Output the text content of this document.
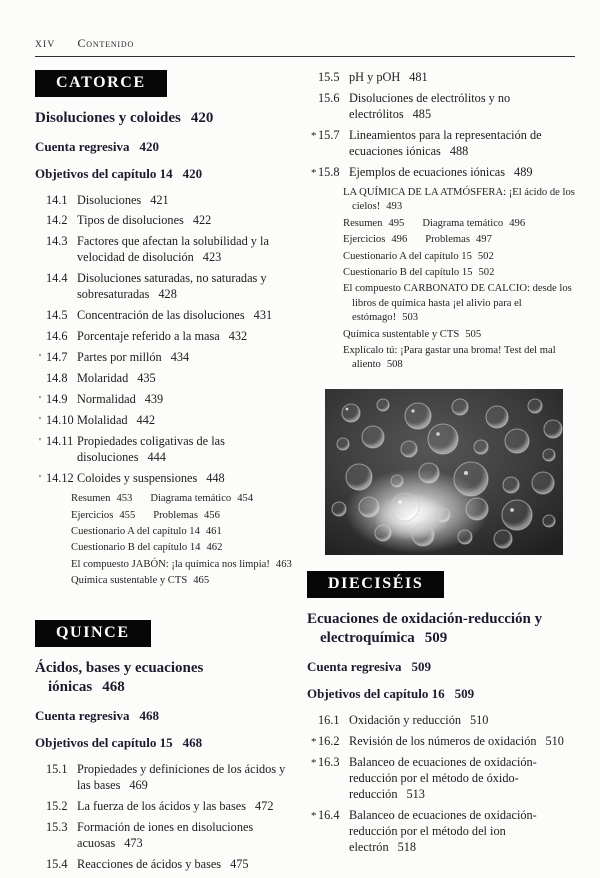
XIV Contenido
CATORCE
Disoluciones y coloides 420

Cuenta regresiva 420

Objetivos del capítulo 14 420

14.1 Disoluciones 421
14.2 Tipos de disoluciones 422
14.3 Factores que afectan la solubilidad y la velocidad de disolución 423
14.4 Disoluciones saturadas, no saturadas y sobresaturadas 428
14.5 Concentración de las disoluciones 431
14.6 Porcentaje referido a la masa 432
' 14.7 Partes por millón 434
14.8 Molaridad 435
' 14.9 Normalidad 439
' 14.10 Molalidad 442
' 14.11 Propiedades coligativas de las disoluciones 444
' 14.12 Coloides y suspensiones 448
Resumen 453 Diagrama temático 454
Ejercicios 455 Problemas 456
Cuestionario A del capítulo 14 461
Cuestionario B del capítulo 14 462
El compuesto JABÓN: ¡la química nos limpia! 463
Química sustentable y CTS 465
QUINCE
Ácidos, bases y ecuaciones iónicas 468

Cuenta regresiva 468

Objetivos del capítulo 15 468

15.1 Propiedades y definiciones de los ácidos y las bases 469
15.2 La fuerza de los ácidos y las bases 472
15.3 Formación de iones en disoluciones acuosas 473
15.4 Reacciones de ácidos y bases 475
15.5 pH y pOH 481
15.6 Disoluciones de electrólitos y no electrólitos 485
* 15.7 Lineamientos para la representación de ecuaciones iónicas 488
* 15.8 Ejemplos de ecuaciones iónicas 489
LA QUÍMICA DE LA ATMÓSFERA: ¡El ácido de los cielos! 493
Resumen 495 Diagrama temático 496
Ejercicios 496 Problemas 497
Cuestionario A del capítulo 15 502
Cuestionario B del capítulo 15 502
El compuesto CARBONATO DE CALCIO: desde los libros de química hasta ¡el alivio para el estómago! 503
Química sustentable y CTS 505
Explícalo tú: ¡Para gastar una broma! Test del mal aliento 508
DIECISÉIS
Ecuaciones de oxidación-reducción y electroquímica 509

Cuenta regresiva 509

Objetivos del capítulo 16 509

16.1 Oxidación y reducción 510
* 16.2 Revisión de los números de oxidación 510
* 16.3 Balanceo de ecuaciones de oxidación-reducción por el método de óxido-reducción 513
* 16.4 Balanceo de ecuaciones de oxidación-reducción por el método del ion electrón 518
